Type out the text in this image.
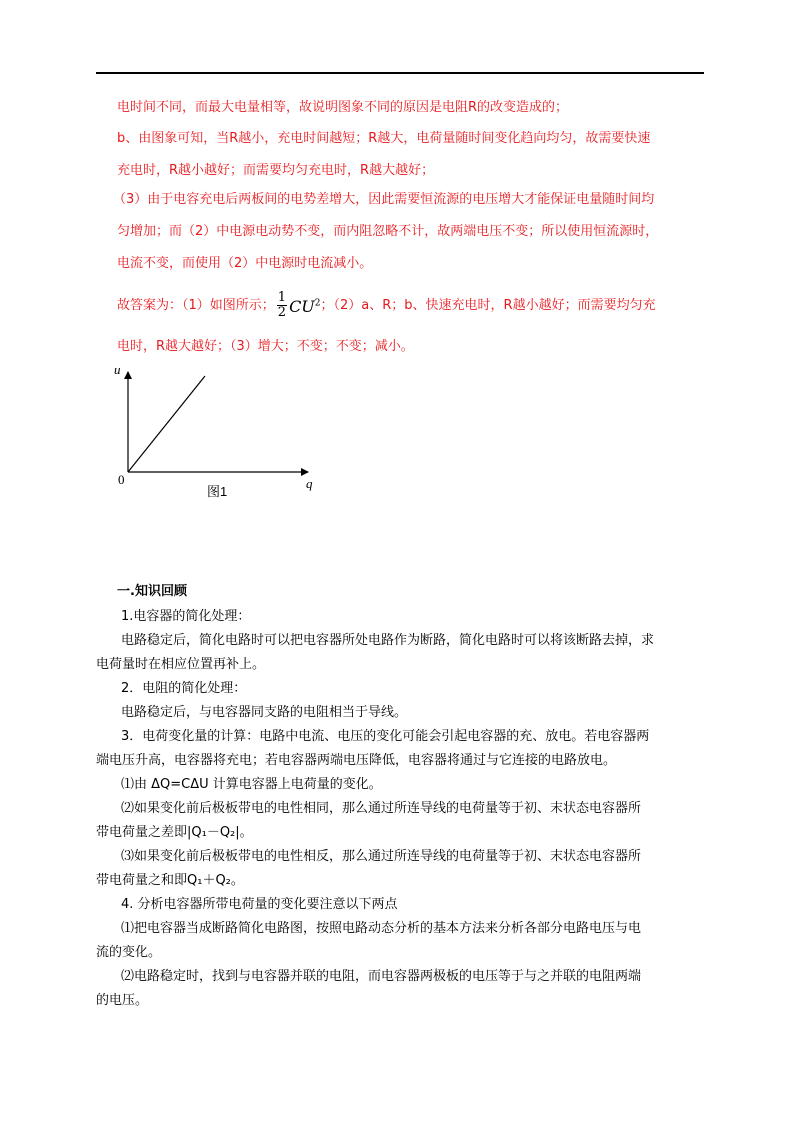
电时间不同，而最大电量相等，故说明图象不同的原因是电阻R的改变造成的；
b、由图象可知，当R越小，充电时间越短；R越大，电荷量随时间变化趋向均匀，故需要快速
充电时，R越小越好；而需要均匀充电时，R越大越好；
（3）由于电容充电后两板间的电势差增大，因此需要恒流源的电压增大才能保证电量随时间均
匀增加；而（2）中电源电动势不变，而内阻忽略不计，故两端电压不变；所以使用恒流源时，
电流不变，而使用（2）中电源时电流减小。
故答案为：（1）如图所示； $\frac{1}{2} CU^2$；（2）a、R；b、快速充电时，R越小越好；而需要均匀充
电时，R越大越好；（3）增大；不变；不变；减小。
u
q
0
图1
一.知识回顾
1.电容器的简化处理：
电路稳定后，简化电路时可以把电容器所处电路作为断路，简化电路时可以将该断路去掉，求
电荷量时在相应位置再补上。
2．电阻的简化处理：
电路稳定后，与电容器同支路的电阻相当于导线。
3．电荷变化量的计算：电路中电流、电压的变化可能会引起电容器的充、放电。若电容器两
端电压升高，电容器将充电；若电容器两端电压降低，电容器将通过与它连接的电路放电。
⑴由 ΔQ=CΔU 计算电容器上电荷量的变化。
⑵如果变化前后极板带电的电性相同，那么通过所连导线的电荷量等于初、末状态电容器所
带电荷量之差即|Q₁－Q₂|。
⑶如果变化前后极板带电的电性相反，那么通过所连导线的电荷量等于初、末状态电容器所
带电荷量之和即Q₁＋Q₂。
4. 分析电容器所带电荷量的变化要注意以下两点
⑴把电容器当成断路简化电路图，按照电路动态分析的基本方法来分析各部分电路电压与电
流的变化。
⑵电路稳定时，找到与电容器并联的电阻，而电容器两极板的电压等于与之并联的电阻两端
的电压。
